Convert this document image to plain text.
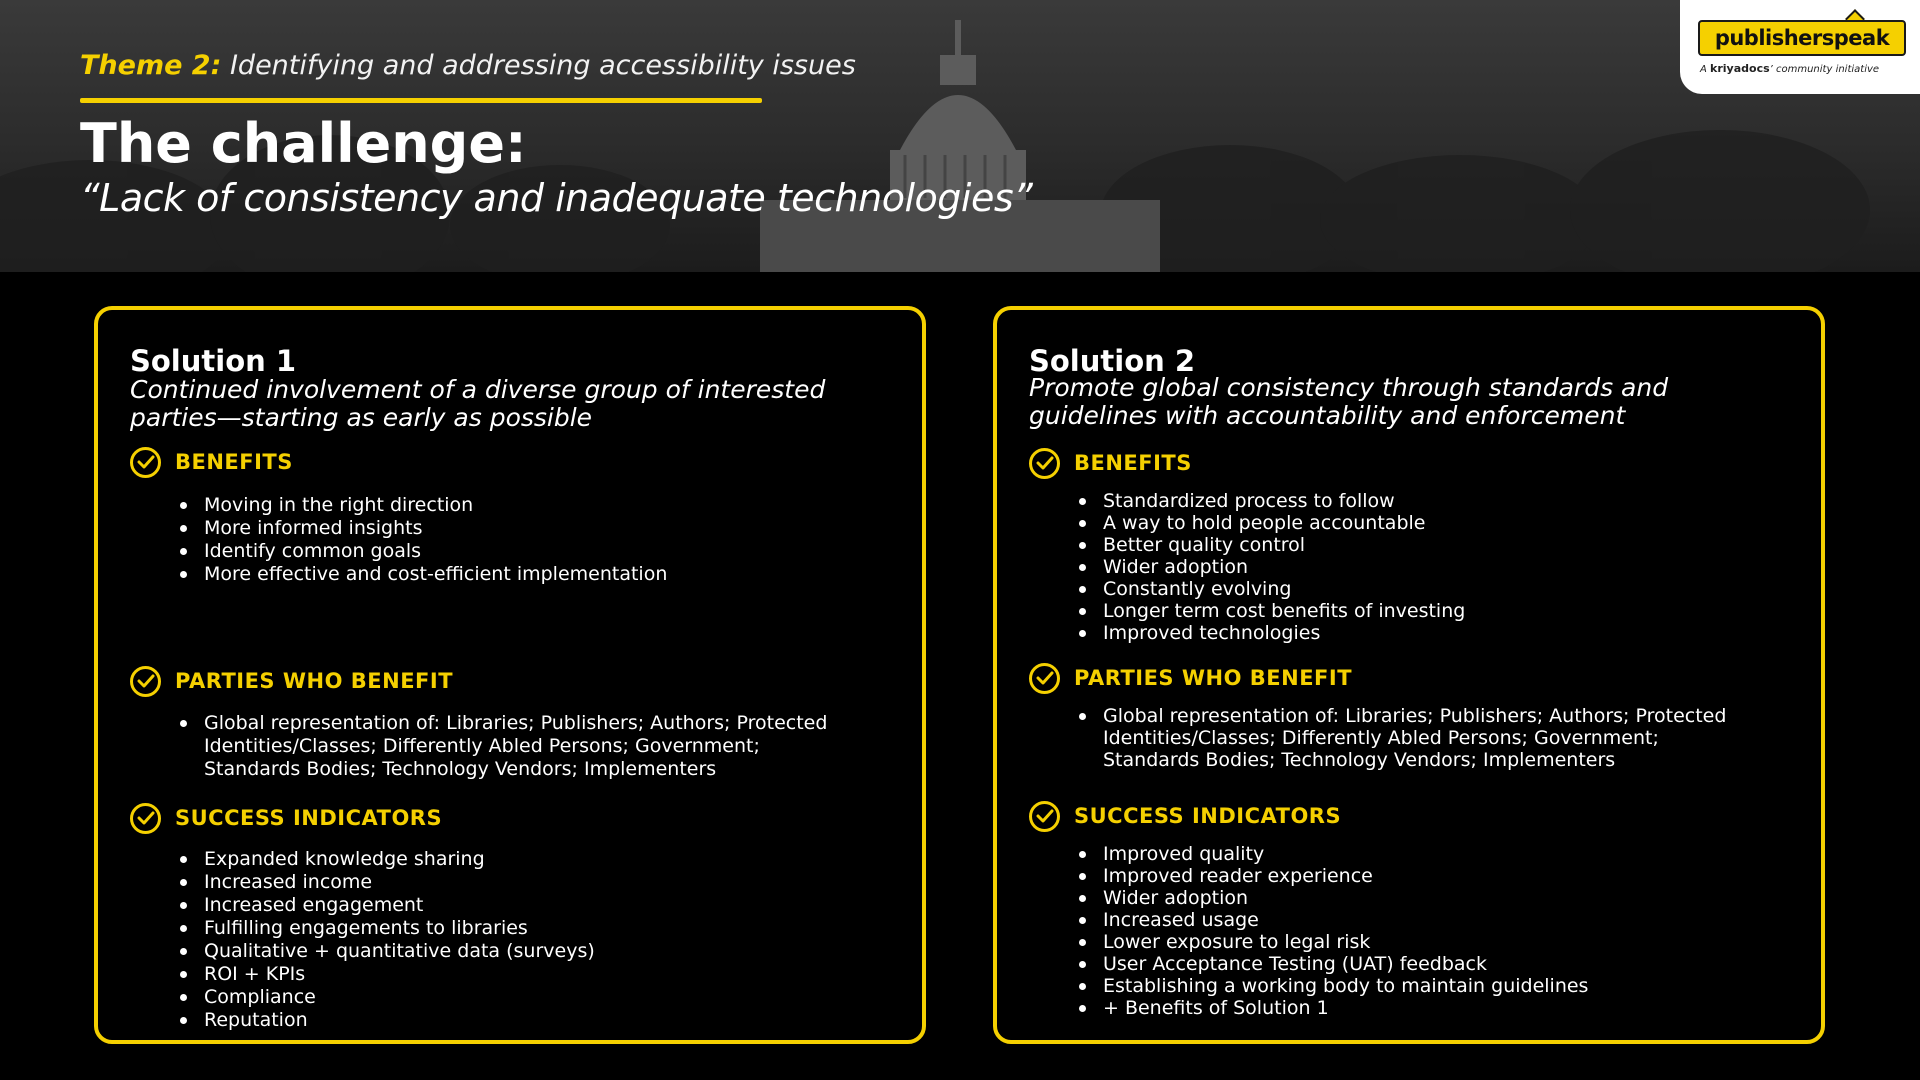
Theme 2: Identifying and addressing accessibility issues
The challenge:
“Lack of consistency and inadequate technologies”
publisherspeak
A kriyadocs’ community initiative
Solution 1
Continued involvement of a diverse group of interested parties—starting as early as possible
BENEFITS
Moving in the right direction
More informed insights
Identify common goals
More effective and cost-efficient implementation
PARTIES WHO BENEFIT
Global representation of: Libraries; Publishers; Authors; Protected Identities/Classes; Differently Abled Persons; Government; Standards Bodies; Technology Vendors; Implementers
SUCCESS INDICATORS
Expanded knowledge sharing
Increased income
Increased engagement
Fulfilling engagements to libraries
Qualitative + quantitative data (surveys)
ROI + KPIs
Compliance
Reputation
Solution 2
Promote global consistency through standards and guidelines with accountability and enforcement
BENEFITS
Standardized process to follow
A way to hold people accountable
Better quality control
Wider adoption
Constantly evolving
Longer term cost benefits of investing
Improved technologies
PARTIES WHO BENEFIT
Global representation of: Libraries; Publishers; Authors; Protected Identities/Classes; Differently Abled Persons; Government; Standards Bodies; Technology Vendors; Implementers
SUCCESS INDICATORS
Improved quality
Improved reader experience
Wider adoption
Increased usage
Lower exposure to legal risk
User Acceptance Testing (UAT) feedback
Establishing a working body to maintain guidelines
+ Benefits of Solution 1
